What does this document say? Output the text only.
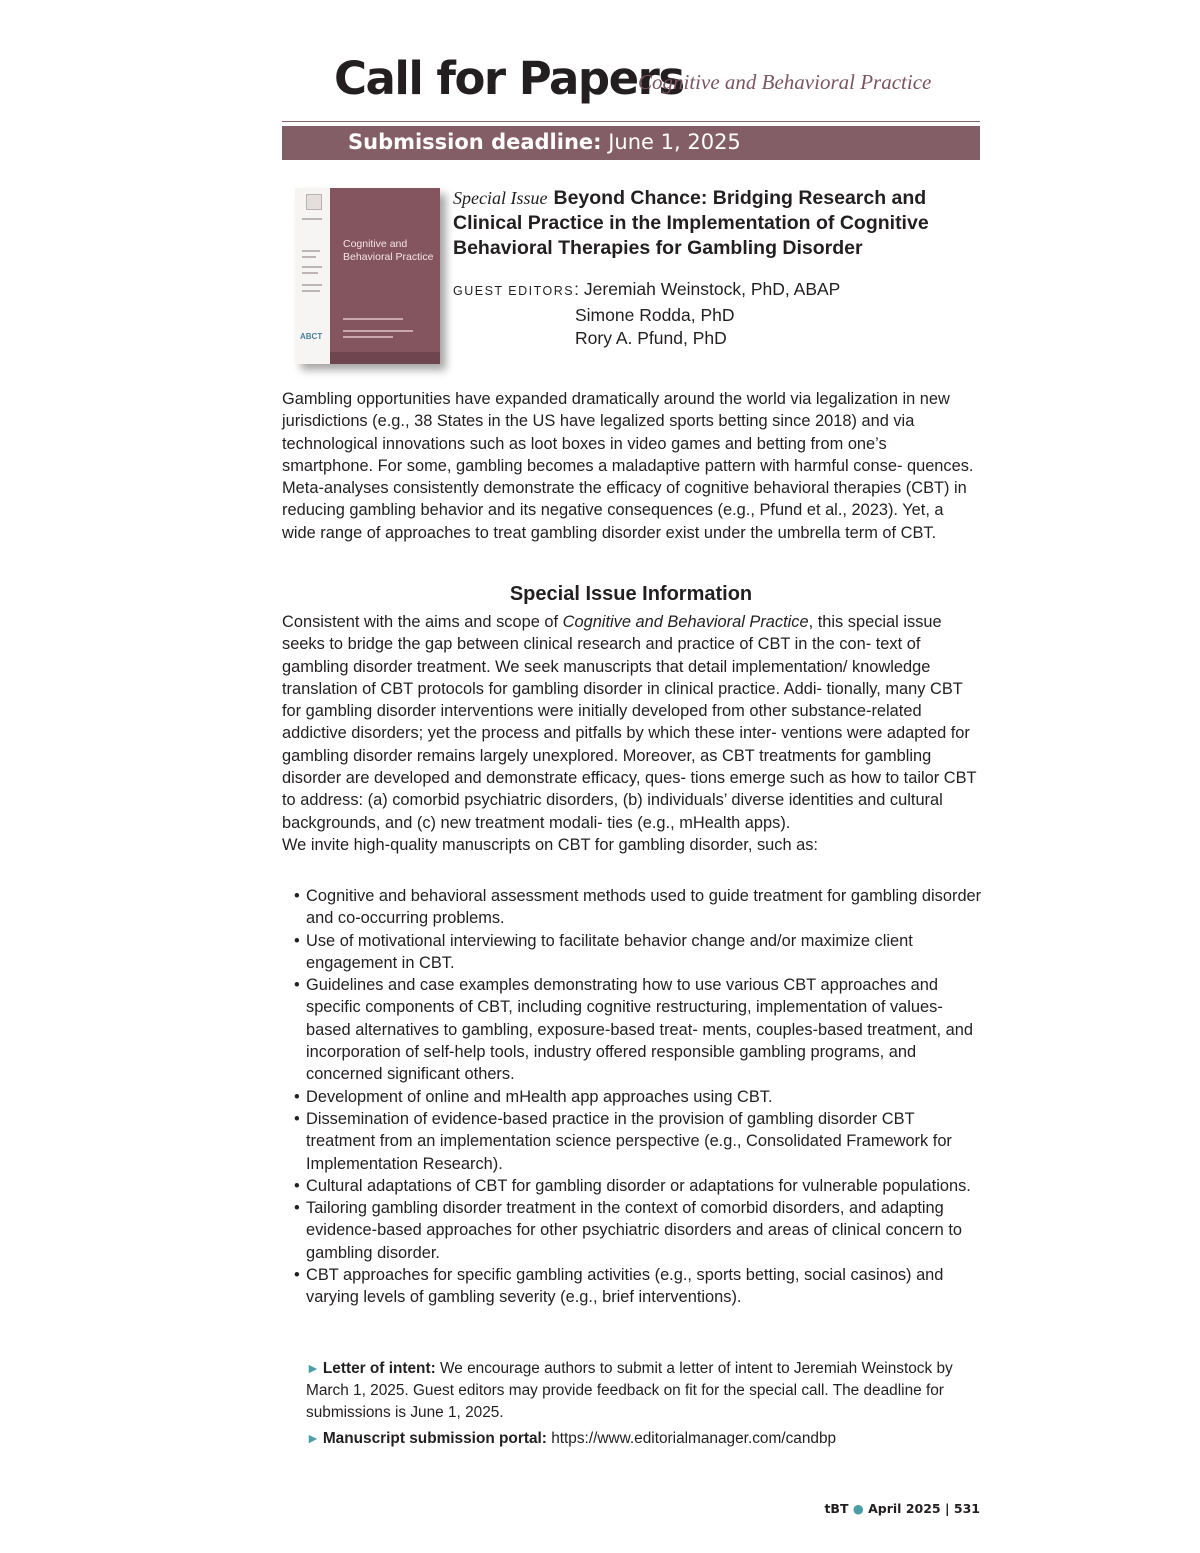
Call for Papers
Cognitive and Behavioral Practice
Submission deadline: June 1, 2025
ABCT
Cognitive and Behavioral Practice
Special Issue Beyond Chance: Bridging Research and Clinical Practice in the Implementation of Cognitive Behavioral Therapies for Gambling Disorder
GUEST EDITORS: Jeremiah Weinstock, PhD, ABAP
Simone Rodda, PhD
Rory A. Pfund, PhD
Gambling opportunities have expanded dramatically around the world via legalization in new jurisdictions (e.g., 38 States in the US have legalized sports betting since 2018) and via technological innovations such as loot boxes in video games and betting from one’s smartphone. For some, gambling becomes a maladaptive pattern with harmful conse- quences. Meta-analyses consistently demonstrate the efficacy of cognitive behavioral therapies (CBT) in reducing gambling behavior and its negative consequences (e.g., Pfund et al., 2023). Yet, a wide range of approaches to treat gambling disorder exist under the umbrella term of CBT.
Special Issue Information
Consistent with the aims and scope of Cognitive and Behavioral Practice, this special issue seeks to bridge the gap between clinical research and practice of CBT in the con- text of gambling disorder treatment. We seek manuscripts that detail implementation/ knowledge translation of CBT protocols for gambling disorder in clinical practice. Addi- tionally, many CBT for gambling disorder interventions were initially developed from other substance-related addictive disorders; yet the process and pitfalls by which these inter- ventions were adapted for gambling disorder remains largely unexplored. Moreover, as CBT treatments for gambling disorder are developed and demonstrate efficacy, ques- tions emerge such as how to tailor CBT to address: (a) comorbid psychiatric disorders, (b) individuals’ diverse identities and cultural backgrounds, and (c) new treatment modali- ties (e.g., mHealth apps).
We invite high-quality manuscripts on CBT for gambling disorder, such as:
• Cognitive and behavioral assessment methods used to guide treatment for gambling disorder and co-occurring problems.
• Use of motivational interviewing to facilitate behavior change and/or maximize client engagement in CBT.
• Guidelines and case examples demonstrating how to use various CBT approaches and specific components of CBT, including cognitive restructuring, implementation of values-based alternatives to gambling, exposure-based treat- ments, couples-based treatment, and incorporation of self-help tools, industry offered responsible gambling programs, and concerned significant others.
• Development of online and mHealth app approaches using CBT.
• Dissemination of evidence-based practice in the provision of gambling disorder CBT treatment from an implementation science perspective (e.g., Consolidated Framework for Implementation Research).
• Cultural adaptations of CBT for gambling disorder or adaptations for vulnerable populations.
• Tailoring gambling disorder treatment in the context of comorbid disorders, and adapting evidence-based approaches for other psychiatric disorders and areas of clinical concern to gambling disorder.
• CBT approaches for specific gambling activities (e.g., sports betting, social casinos) and varying levels of gambling severity (e.g., brief interventions).
► Letter of intent: We encourage authors to submit a letter of intent to Jeremiah Weinstock by March 1, 2025. Guest editors may provide feedback on fit for the special call. The deadline for submissions is June 1, 2025.
► Manuscript submission portal: https://www.editorialmanager.com/candbp
tBT ● April 2025 | 531
